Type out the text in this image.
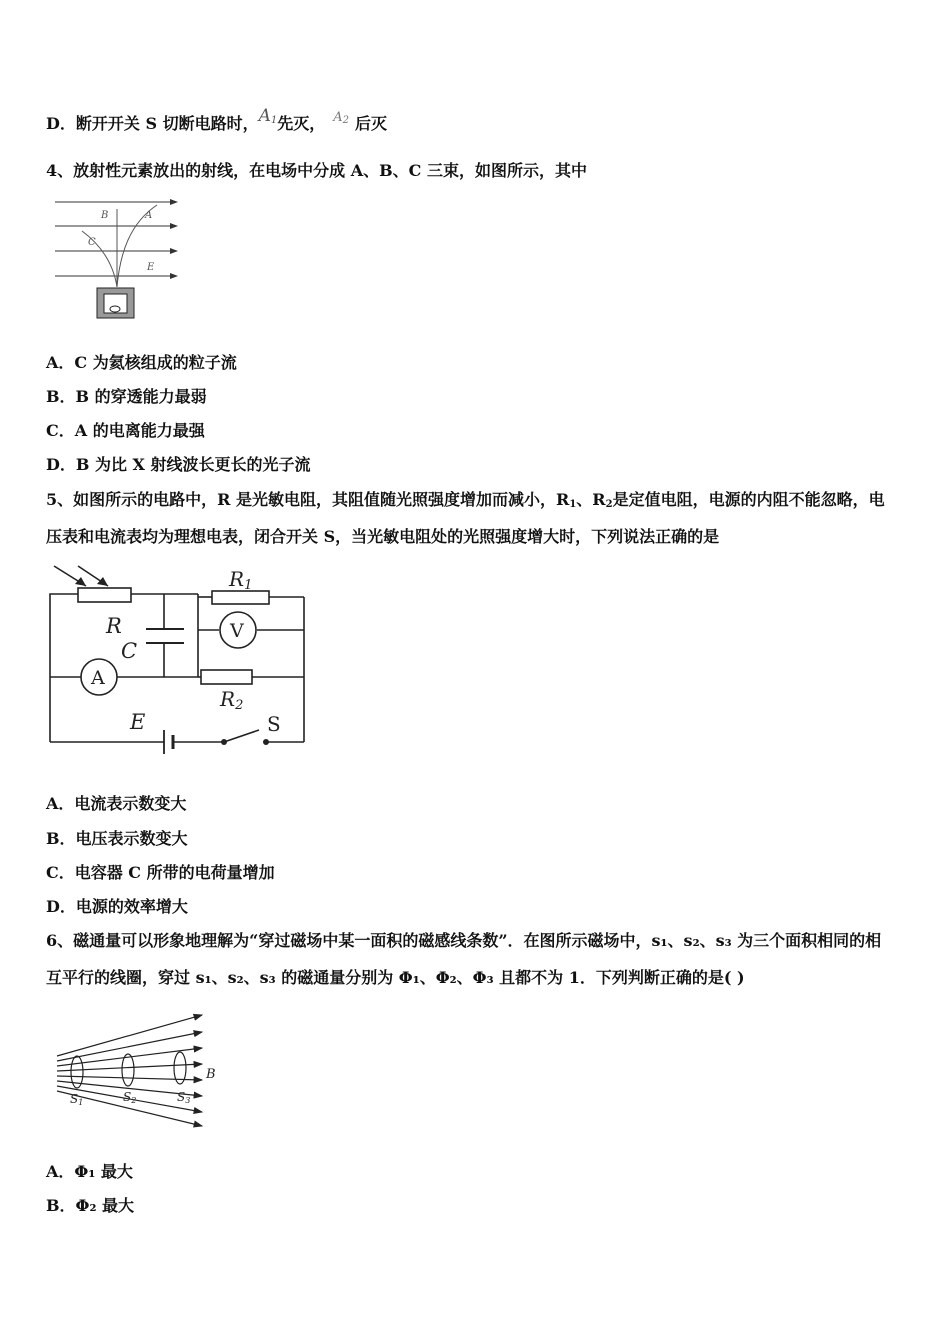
D．断开开关 S 切断电路时，$A_1$先灭， $^{A_2}$ 后灭
4、放射性元素放出的射线，在电场中分成 A、B、C 三束，如图所示，其中
B	A
C
E
A．C 为氦核组成的粒子流
B．B 的穿透能力最弱
C．A 的电离能力最强
D．B 为比 X 射线波长更长的光子流
5、如图所示的电路中，R 是光敏电阻，其阻值随光照强度增加而减小，$R_1$、$R_2$是定值电阻，电源的内阻不能忽略，电
压表和电流表均为理想电表，闭合开关 S，当光敏电阻处的光照强度增大时，下列说法正确的是
R1
R
C
V
A
R2
E	S
A．电流表示数变大
B．电压表示数变大
C．电容器 C 所带的电荷量增加
D．电源的效率增大
6、磁通量可以形象地理解为“穿过磁场中某一面积的磁感线条数”．在图所示磁场中，s₁、s₂、s₃ 为三个面积相同的相
互平行的线圈，穿过 s₁、s₂、s₃ 的磁通量分别为 Φ₁、Φ₂、Φ₃ 且都不为 1．下列判断正确的是( )
B
S1	S2	S3
A．Φ₁ 最大
B．Φ₂ 最大
